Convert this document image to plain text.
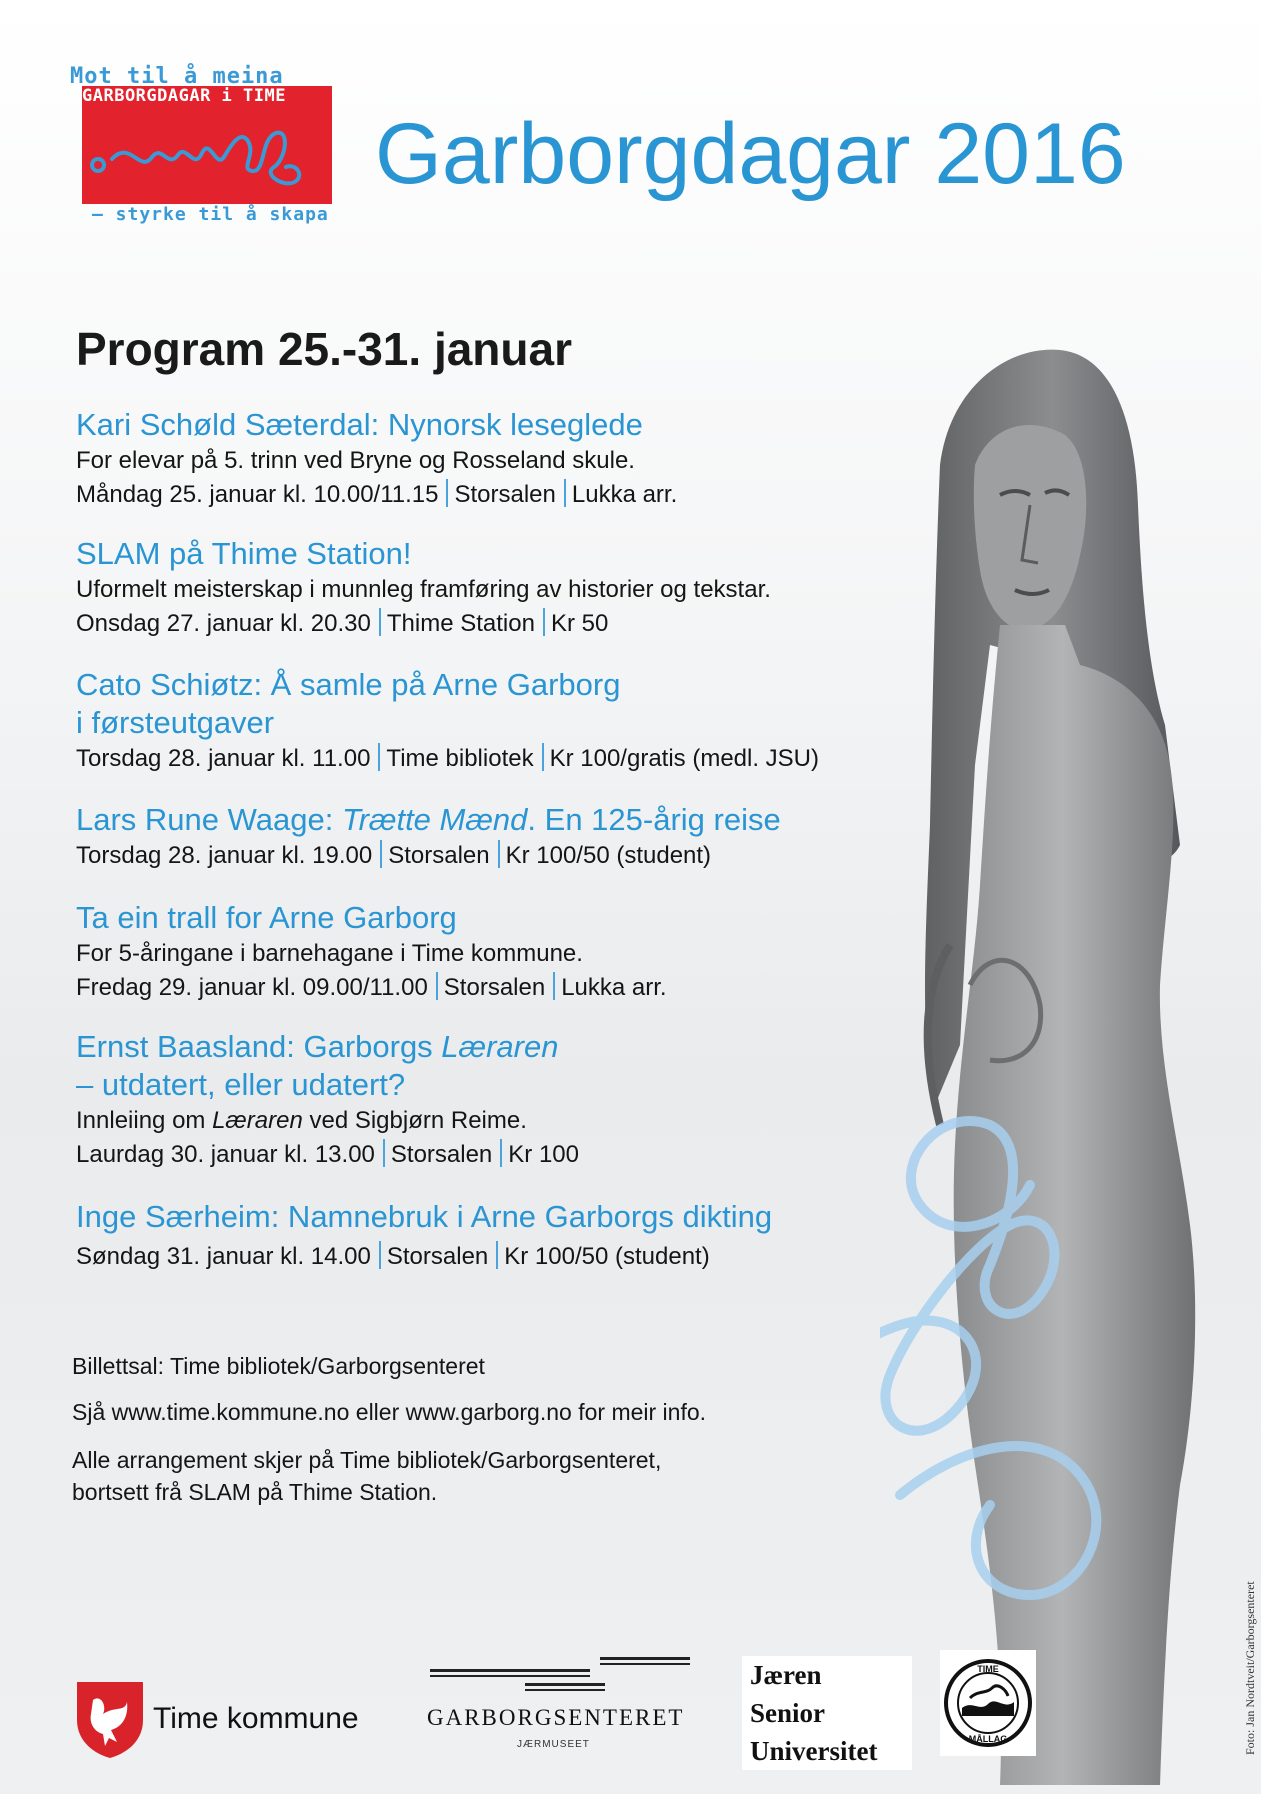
Mot til å meina
GARBORGDAGAR i TIME
– styrke til å skapa
Garborgdagar 2016
Program 25.-31. januar
Kari Schøld Sæterdal: Nynorsk leseglede
For elevar på 5. trinn ved Bryne og Rosseland skule.
Måndag 25. januar kl. 10.00/11.15 Storsalen Lukka arr.
SLAM på Thime Station!
Uformelt meisterskap i munnleg framføring av historier og tekstar.
Onsdag 27. januar kl. 20.30 Thime Station Kr 50
Cato Schiøtz: Å samle på Arne Garborg
i førsteutgaver
Torsdag 28. januar kl. 11.00 Time bibliotek Kr 100/gratis (medl. JSU)
Lars Rune Waage: Trætte Mænd. En 125-årig reise
Torsdag 28. januar kl. 19.00 Storsalen Kr 100/50 (student)
Ta ein trall for Arne Garborg
For 5-åringane i barnehagane i Time kommune.
Fredag 29. januar kl. 09.00/11.00 Storsalen Lukka arr.
Ernst Baasland: Garborgs Læraren
– utdatert, eller udatert?
Innleiing om Læraren ved Sigbjørn Reime.
Laurdag 30. januar kl. 13.00 Storsalen Kr 100
Inge Særheim: Namnebruk i Arne Garborgs dikting
Søndag 31. januar kl. 14.00 Storsalen Kr 100/50 (student)
Billettsal: Time bibliotek/Garborgsenteret
Sjå www.time.kommune.no eller www.garborg.no for meir info.
Alle arrangement skjer på Time bibliotek/Garborgsenteret,
bortsett frå SLAM på Thime Station.
Time kommune	GARBORGSENTERET
JÆRMUSEET
Jæren
Senior
Universitet
TIME
MÅLLAG	Foto: Jan Nordtveit/Garborgsenteret
